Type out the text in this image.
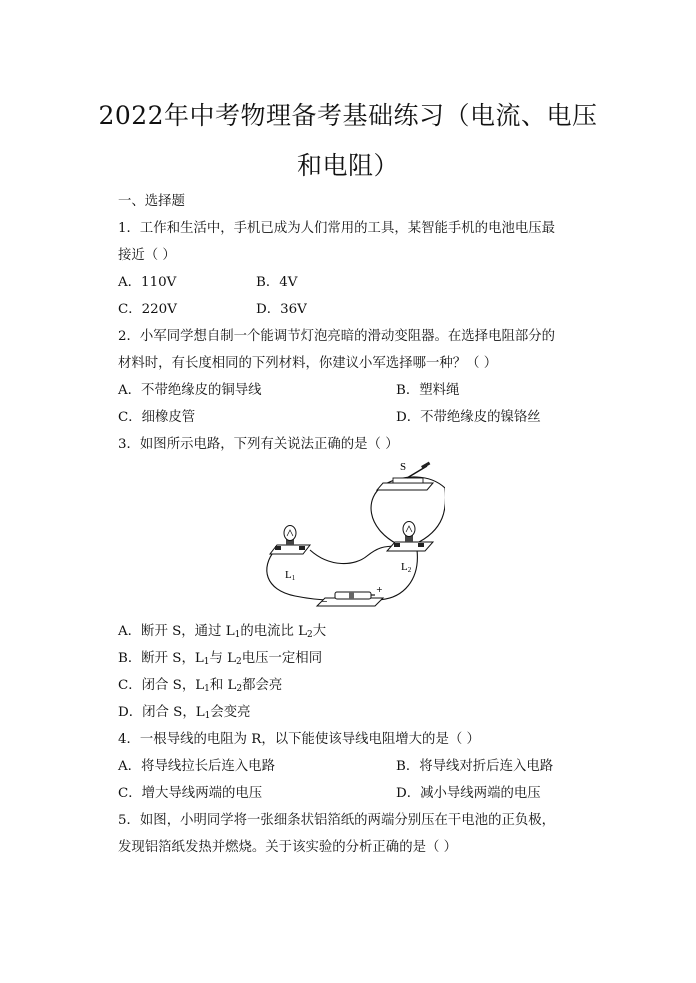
2022年中考物理备考基础练习（电流、电压
和电阻）
一、选择题
1．工作和生活中，手机已成为人们常用的工具，某智能手机的电池电压最
接近（ ）
A．110V	B．4V
C．220V	D．36V
2．小军同学想自制一个能调节灯泡亮暗的滑动变阻器。在选择电阻部分的
材料时，有长度相同的下列材料，你建议小军选择哪一种？（ ）
A．不带绝缘皮的铜导线	B．塑料绳
C．细橡皮管	D．不带绝缘皮的镍铬丝
3．如图所示电路，下列有关说法正确的是（ ）
S
L1
L2
−
+
A．断开 S，通过 $L_1$的电流比 $L_2$大
B．断开 S，$L_1$与 $L_2$电压一定相同
C．闭合 S，$L_1$和 $L_2$都会亮
D．闭合 S，$L_1$会变亮
4．一根导线的电阻为 R，以下能使该导线电阻增大的是（ ）
A．将导线拉长后连入电路	B．将导线对折后连入电路
C．增大导线两端的电压	D．减小导线两端的电压
5．如图，小明同学将一张细条状铝箔纸的两端分别压在干电池的正负极，
发现铝箔纸发热并燃烧。关于该实验的分析正确的是（ ）
